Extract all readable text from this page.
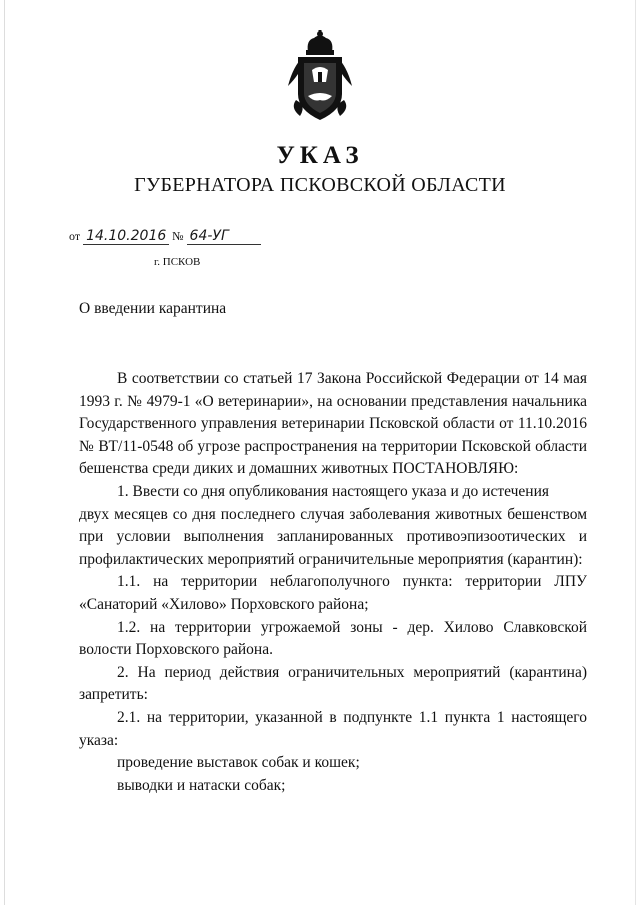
УКАЗ
ГУБЕРНАТОРА ПСКОВСКОЙ ОБЛАСТИ
от 14.10.2016 № 64-УГ
г. ПСКОВ
О введении карантина

В соответствии со статьей 17 Закона Российской Федерации от 14 мая 1993 г. № 4979-1 «О ветеринарии», на основании представления начальника Государственного управления ветеринарии Псковской области от 11.10.2016 № ВТ/11-0548 об угрозе распространения на территории Псковской области бешенства среди диких и домашних животных ПОСТАНОВЛЯЮ:

1. Ввести со дня опубликования настоящего указа и до истечения

двух месяцев со дня последнего случая заболевания животных бешенством при условии выполнения запланированных противоэпизоотических и профилактических мероприятий ограничительные мероприятия (карантин):

1.1. на территории неблагополучного пункта: территории ЛПУ «Санаторий «Хилово» Порховского района;

1.2. на территории угрожаемой зоны - дер. Хилово Славковской волости Порховского района.

2. На период действия ограничительных мероприятий (карантина) запретить:

2.1. на территории, указанной в подпункте 1.1 пункта 1 настоящего указа:

проведение выставок собак и кошек;

выводки и натаски собак;
